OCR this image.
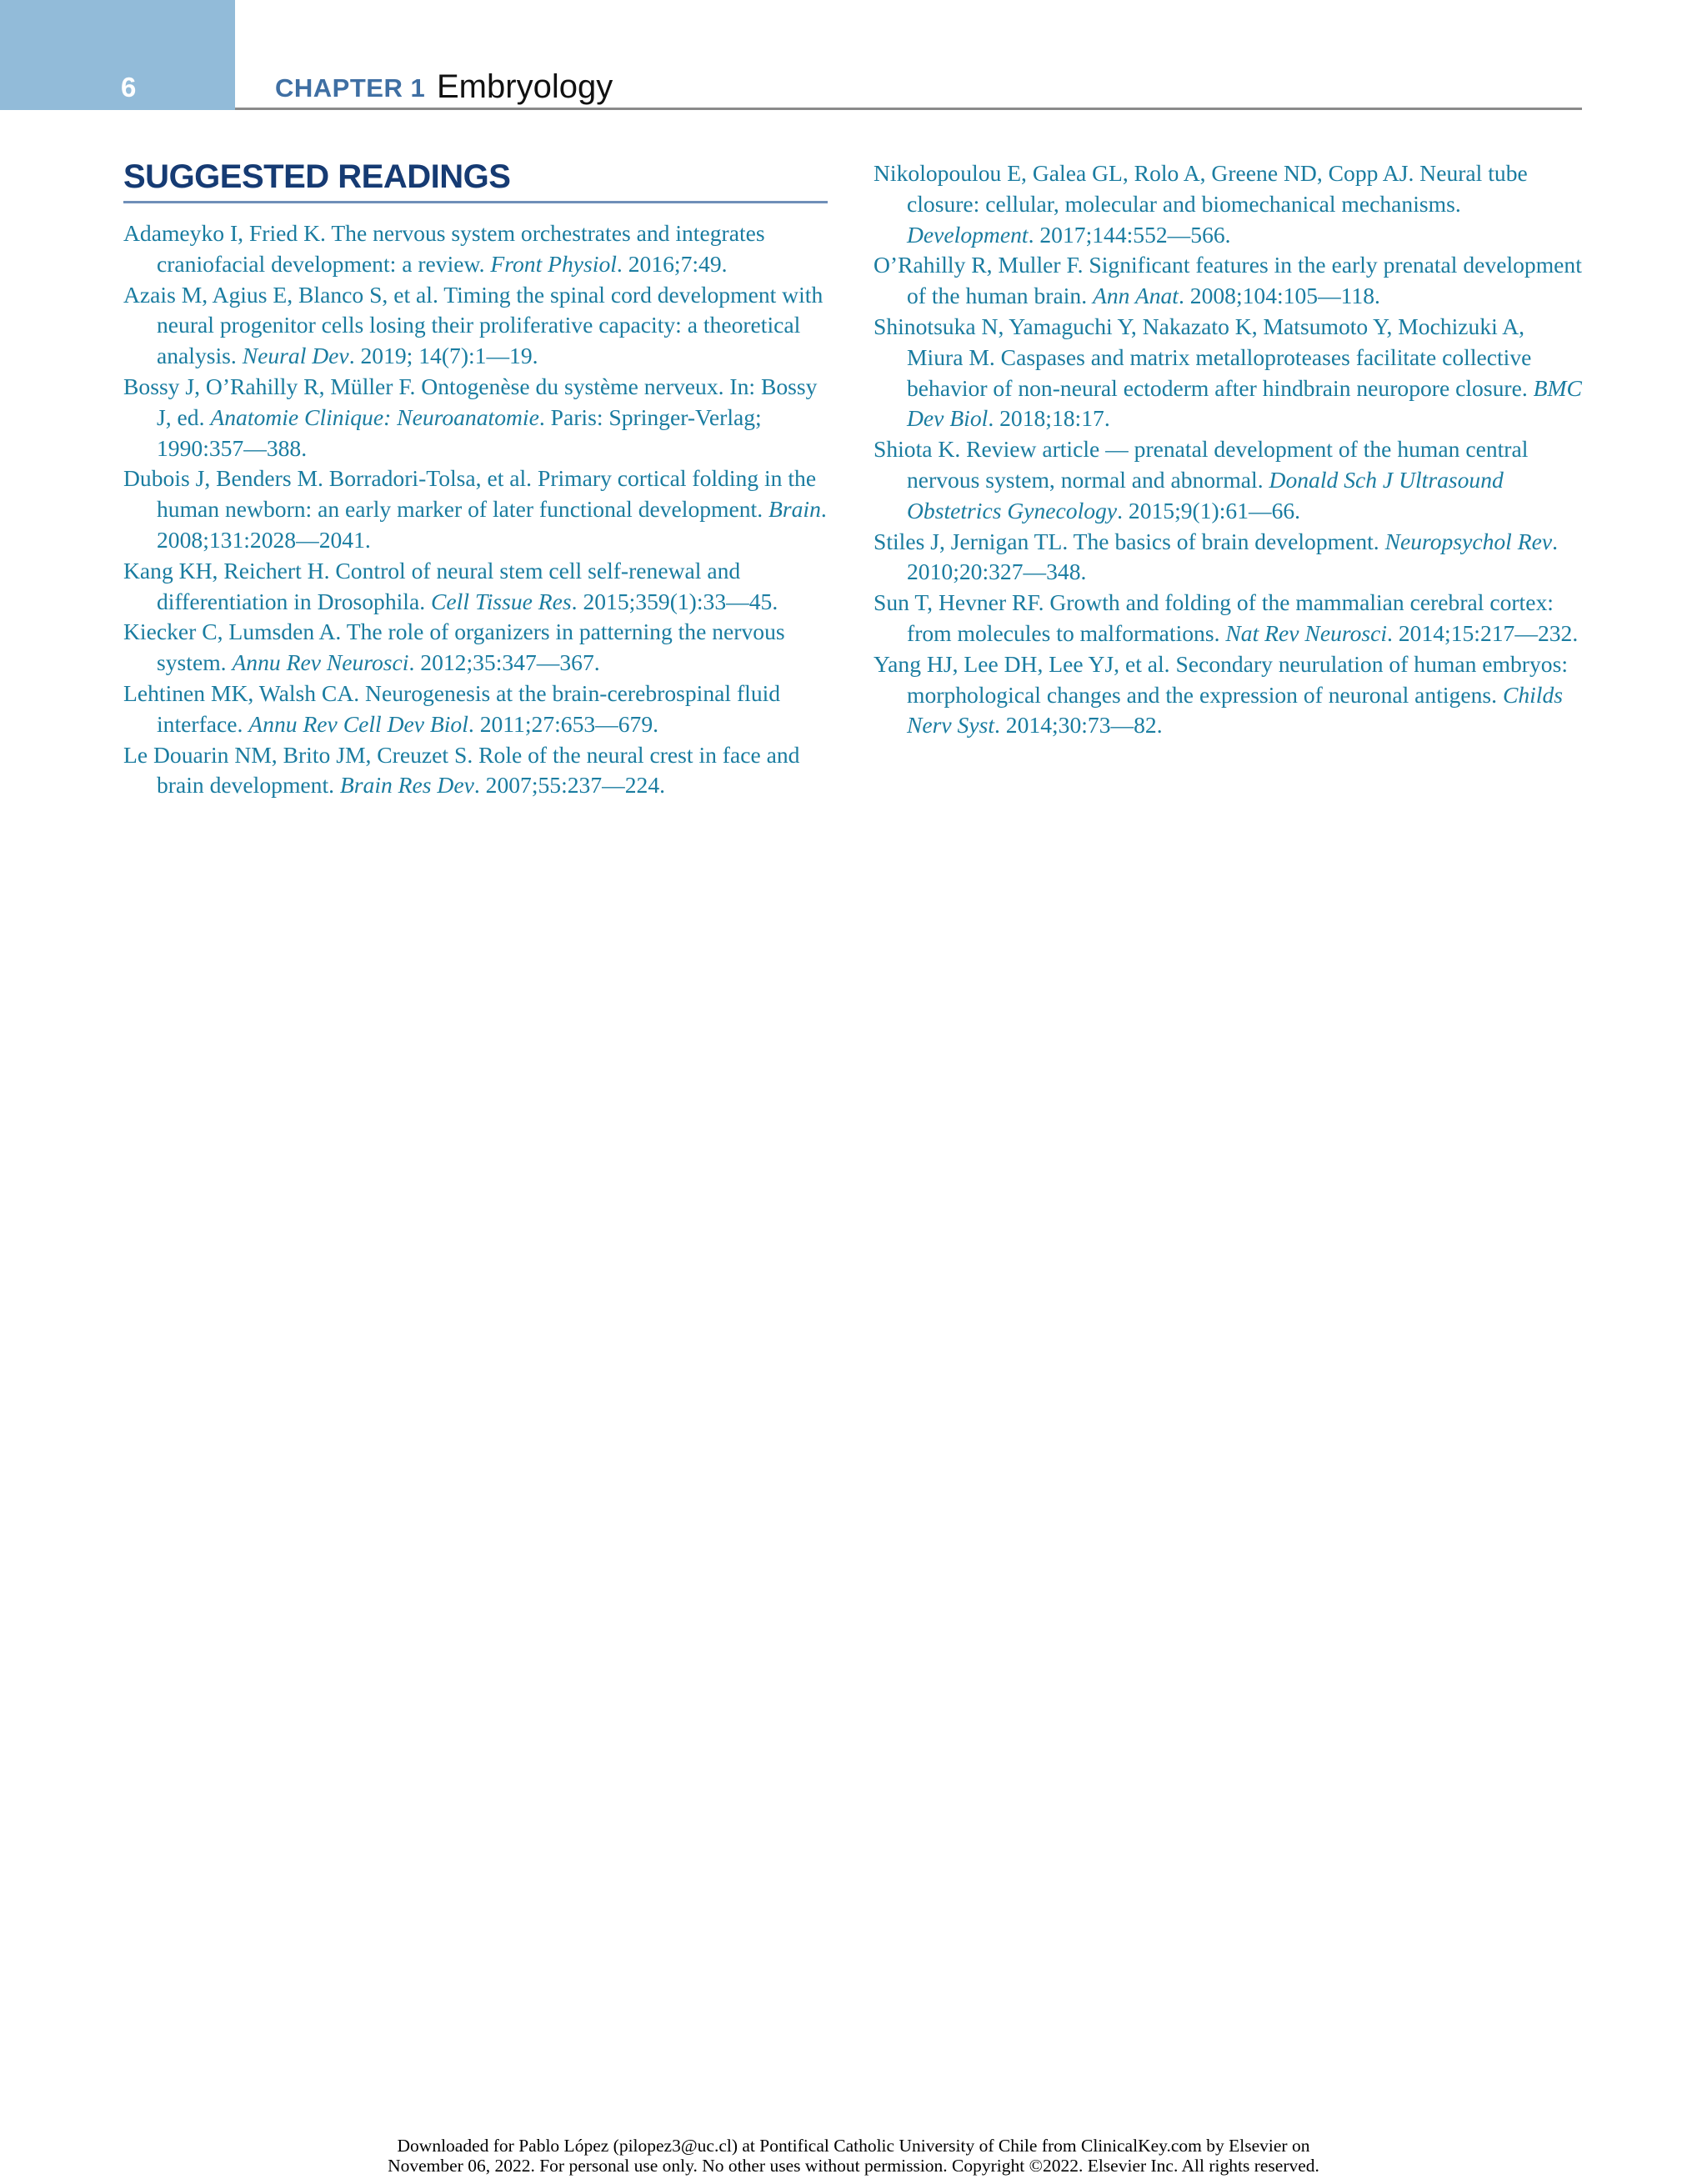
6	CHAPTER 1 Embryology
SUGGESTED READINGS

Adameyko I, Fried K. The nervous system orchestrates and integrates craniofacial development: a review. Front Physiol. 2016;7:49.

Azais M, Agius E, Blanco S, et al. Timing the spinal cord development with neural progenitor cells losing their proliferative capacity: a theoretical analysis. Neural Dev. 2019; 14(7):1—19.

Bossy J, O’Rahilly R, Müller F. Ontogenèse du système nerveux. In: Bossy J, ed. Anatomie Clinique: Neuroanatomie. Paris: Springer-Verlag; 1990:357—388.

Dubois J, Benders M. Borradori-Tolsa, et al. Primary cortical folding in the human newborn: an early marker of later functional development. Brain. 2008;131:2028—2041.

Kang KH, Reichert H. Control of neural stem cell self-renewal and differentiation in Drosophila. Cell Tissue Res. 2015;359(1):33—45.

Kiecker C, Lumsden A. The role of organizers in patterning the nervous system. Annu Rev Neurosci. 2012;35:347—367.

Lehtinen MK, Walsh CA. Neurogenesis at the brain-cerebrospinal fluid interface. Annu Rev Cell Dev Biol. 2011;27:653—679.

Le Douarin NM, Brito JM, Creuzet S. Role of the neural crest in face and brain development. Brain Res Dev. 2007;55:237—224.

Nikolopoulou E, Galea GL, Rolo A, Greene ND, Copp AJ. Neural tube closure: cellular, molecular and biomechanical mechanisms. Development. 2017;144:552—566.

O’Rahilly R, Muller F. Significant features in the early prenatal development of the human brain. Ann Anat. 2008;104:105—118.

Shinotsuka N, Yamaguchi Y, Nakazato K, Matsumoto Y, Mochizuki A, Miura M. Caspases and matrix metalloproteases facilitate collective behavior of non-neural ectoderm after hindbrain neuropore closure. BMC Dev Biol. 2018;18:17.

Shiota K. Review article — prenatal development of the human central nervous system, normal and abnormal. Donald Sch J Ultrasound Obstetrics Gynecology. 2015;9(1):61—66.

Stiles J, Jernigan TL. The basics of brain development. Neuropsychol Rev. 2010;20:327—348.

Sun T, Hevner RF. Growth and folding of the mammalian cerebral cortex: from molecules to malformations. Nat Rev Neurosci. 2014;15:217—232.

Yang HJ, Lee DH, Lee YJ, et al. Secondary neurulation of human embryos: morphological changes and the expression of neuronal antigens. Childs Nerv Syst. 2014;30:73—82.

Downloaded for Pablo López (pilopez3@uc.cl) at Pontifical Catholic University of Chile from ClinicalKey.com by Elsevier on
November 06, 2022. For personal use only. No other uses without permission. Copyright ©2022. Elsevier Inc. All rights reserved.
